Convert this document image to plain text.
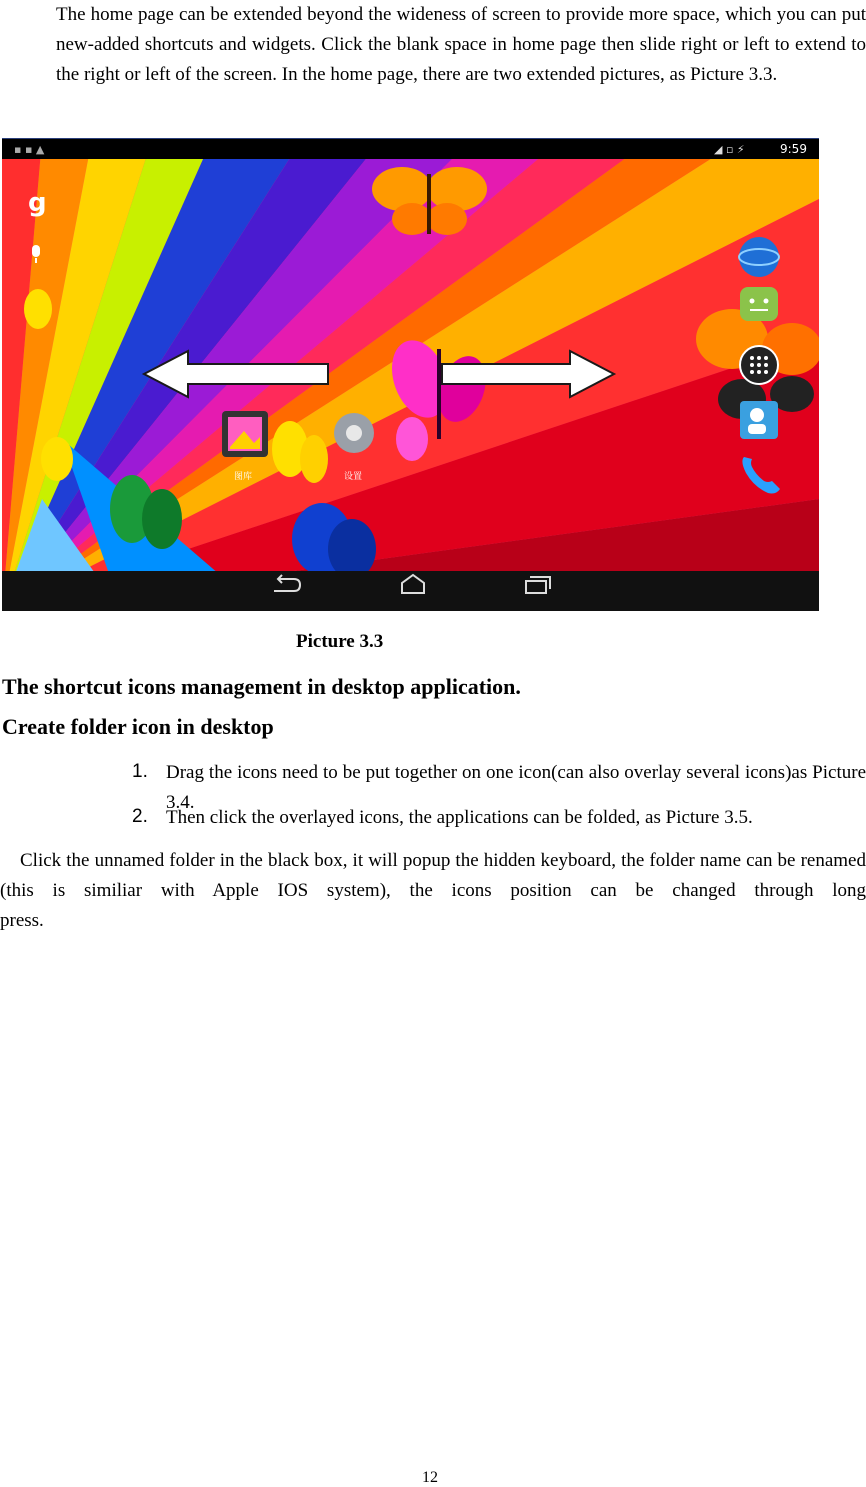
The home page can be extended beyond the wideness of screen to provide more space, which you can put new-added shortcuts and widgets. Click the blank space in home page then slide right or left to extend to the right or left of the screen. In the home page, there are two extended pictures, as Picture 3.3.

▪ ▪ ▲	◢ ▫ ⚡	9:59
g
图库	设置
Picture 3.3
The shortcut icons management in desktop application.
Create folder icon in desktop
1. Drag the icons need to be put together on one icon(can also overlay several icons)as Picture 3.4.

2. Then click the overlayed icons, the applications can be folded, as Picture 3.5.

Click the unnamed folder in the black box, it will popup the hidden keyboard, the folder name can be renamed (this is similiar with Apple IOS system), the icons position can be changed through long

press.

12
